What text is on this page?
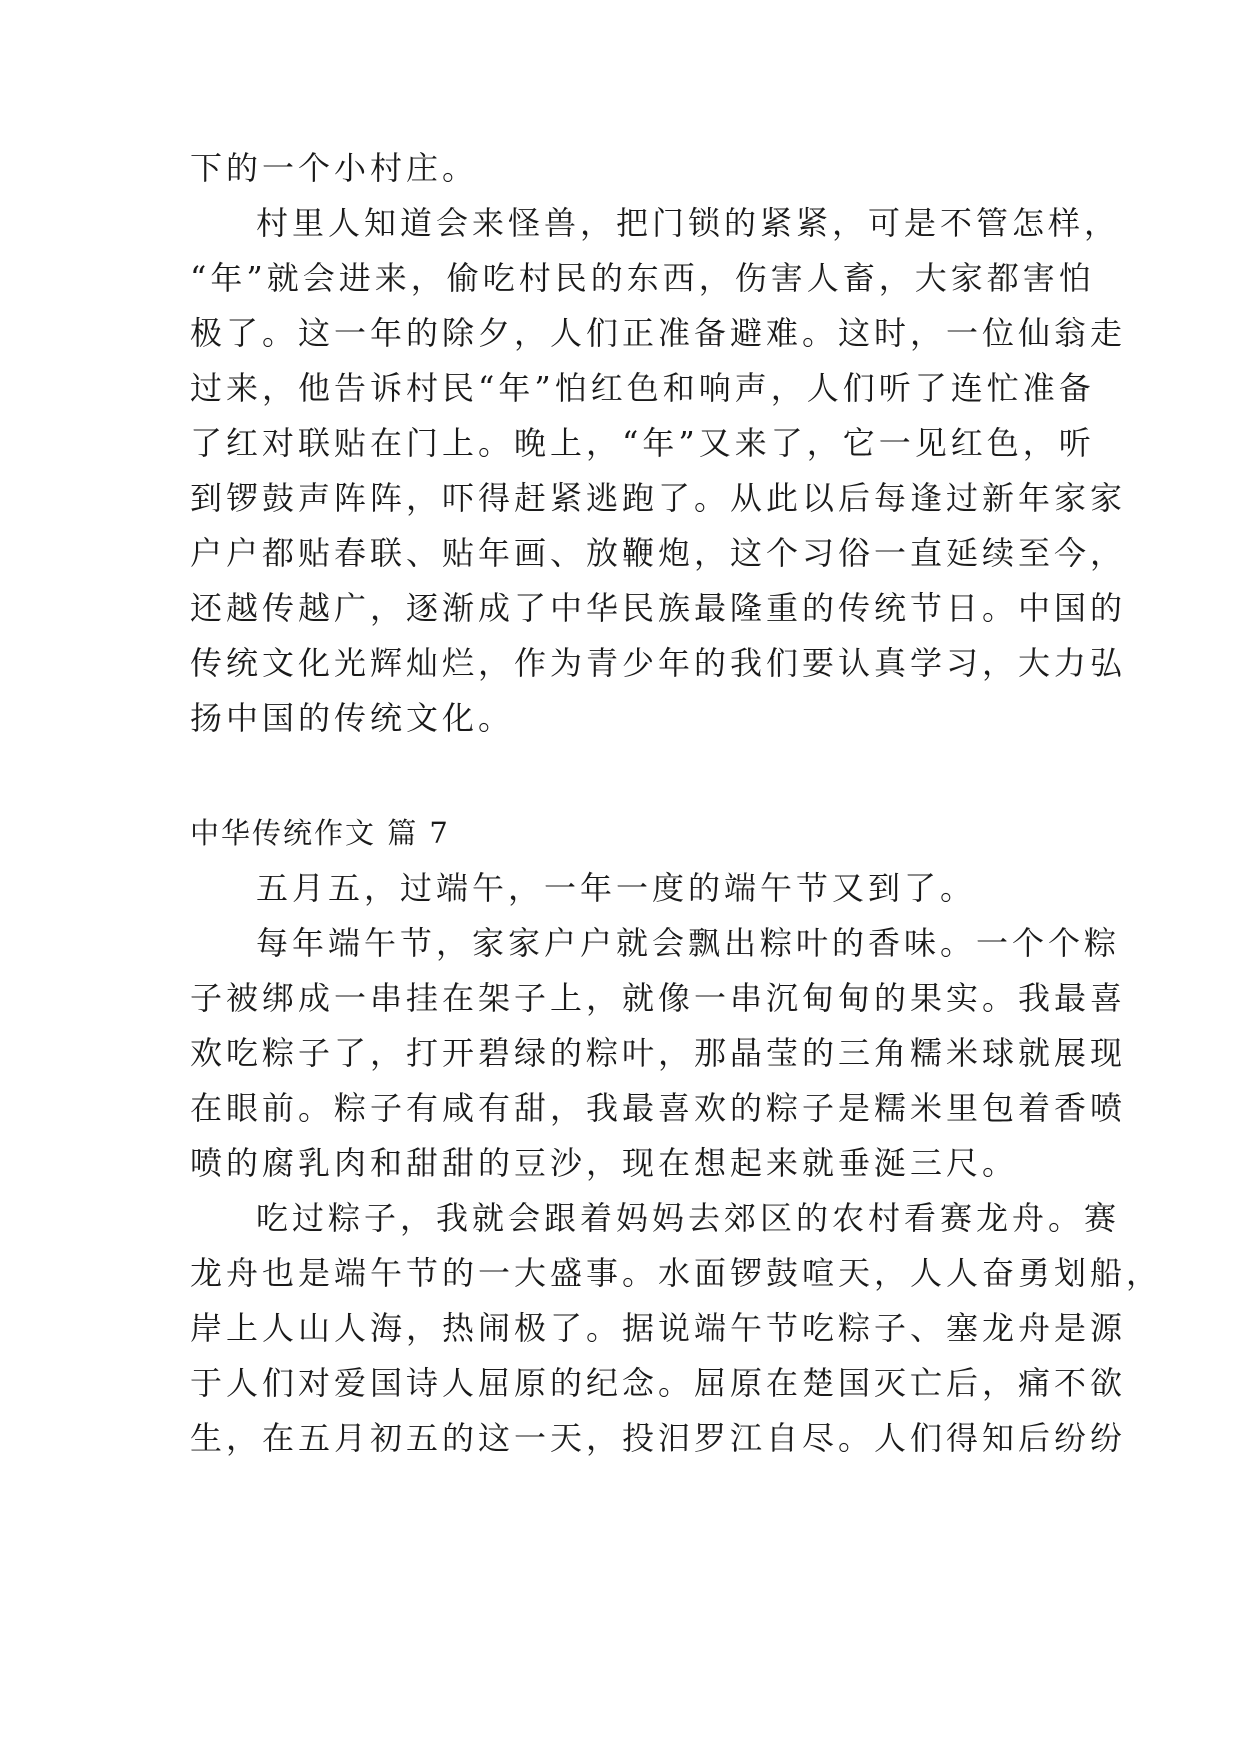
下的一个小村庄。
村里人知道会来怪兽，把门锁的紧紧，可是不管怎样，
“年”就会进来，偷吃村民的东西，伤害人畜，大家都害怕
极了。这一年的除夕，人们正准备避难。这时，一位仙翁走
过来，他告诉村民“年”怕红色和响声，人们听了连忙准备
了红对联贴在门上。晚上，“年”又来了，它一见红色，听
到锣鼓声阵阵，吓得赶紧逃跑了。从此以后每逢过新年家家
户户都贴春联、贴年画、放鞭炮，这个习俗一直延续至今，
还越传越广，逐渐成了中华民族最隆重的传统节日。中国的
传统文化光辉灿烂，作为青少年的我们要认真学习，大力弘
扬中国的传统文化。
中华传统作文 篇 7
五月五，过端午，一年一度的端午节又到了。
每年端午节，家家户户就会飘出粽叶的香味。一个个粽
子被绑成一串挂在架子上，就像一串沉甸甸的果实。我最喜
欢吃粽子了，打开碧绿的粽叶，那晶莹的三角糯米球就展现
在眼前。粽子有咸有甜，我最喜欢的粽子是糯米里包着香喷
喷的腐乳肉和甜甜的豆沙，现在想起来就垂涎三尺。
吃过粽子，我就会跟着妈妈去郊区的农村看赛龙舟。赛
龙舟也是端午节的一大盛事。水面锣鼓喧天，人人奋勇划船，
岸上人山人海，热闹极了。据说端午节吃粽子、塞龙舟是源
于人们对爱国诗人屈原的纪念。屈原在楚国灭亡后，痛不欲
生，在五月初五的这一天，投汨罗江自尽。人们得知后纷纷
